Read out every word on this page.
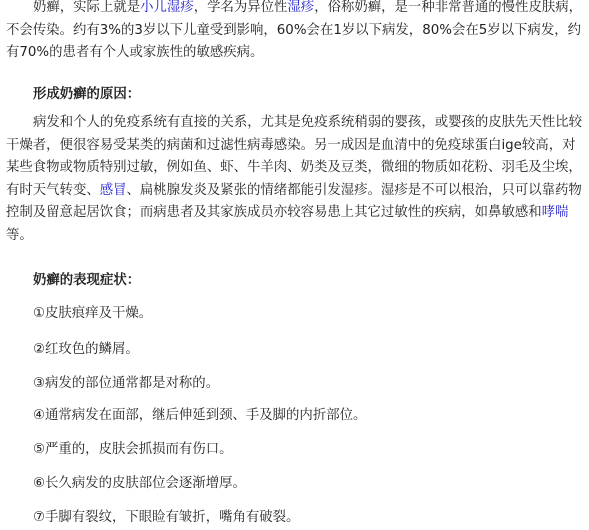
奶癣，实际上就是小儿湿疹，学名为异位性湿疹，俗称奶癣，是一种非常普通的慢性皮肤病，不会传染。约有3%的3岁以下儿童受到影响，60%会在1岁以下病发，80%会在5岁以下病发，约有70%的患者有个人或家族性的敏感疾病。

形成奶癣的原因：

病发和个人的免疫系统有直接的关系，尤其是免疫系统稍弱的婴孩，或婴孩的皮肤先天性比较干燥者，便很容易受某类的病菌和过滤性病毒感染。另一成因是血清中的免疫球蛋白ige较高，对某些食物或物质特别过敏，例如鱼、虾、牛羊肉、奶类及豆类，微细的物质如花粉、羽毛及尘埃，有时天气转变、感冒、扁桃腺发炎及紧张的情绪都能引发湿疹。湿疹是不可以根治，只可以靠药物控制及留意起居饮食；而病患者及其家族成员亦较容易患上其它过敏性的疾病，如鼻敏感和哮喘等。

奶癣的表现症状：

①皮肤痕痒及干燥。

②红玫色的鳞屑。

③病发的部位通常都是对称的。

④通常病发在面部，继后伸延到颈、手及脚的内折部位。

⑤严重的，皮肤会抓损而有伤口。

⑥长久病发的皮肤部位会逐渐增厚。

⑦手脚有裂纹，下眼睑有皱折，嘴角有破裂。
